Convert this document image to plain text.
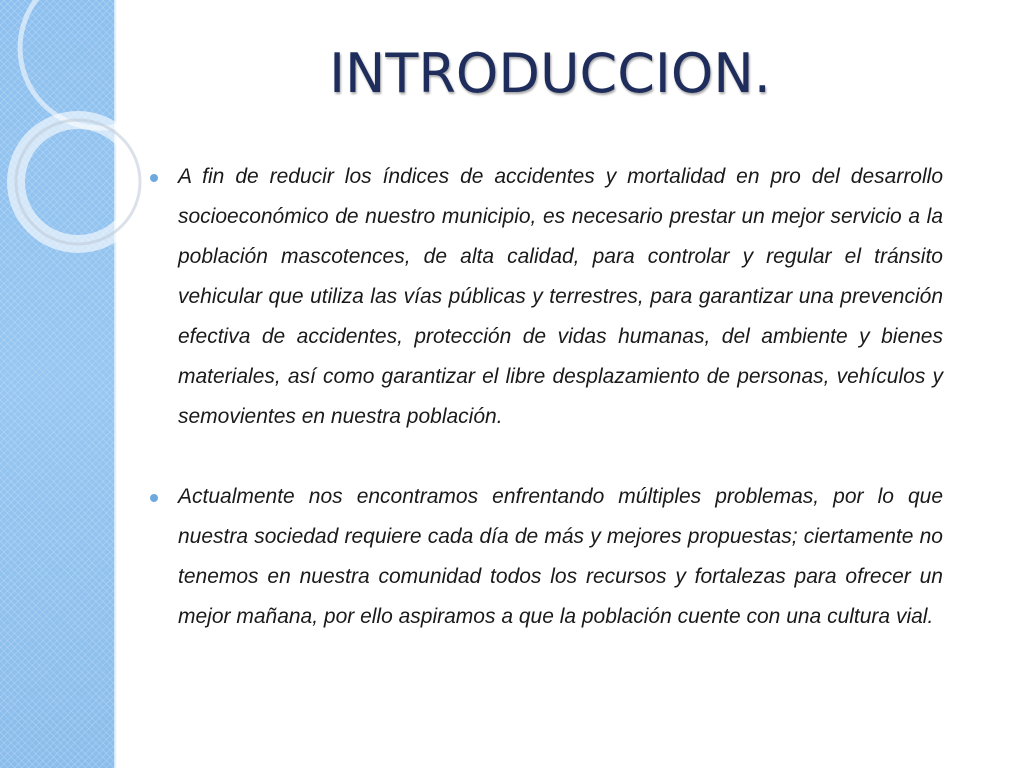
INTRODUCCION.

A fin de reducir los índices de accidentes y mortalidad en pro del desarrollo socioeconómico de nuestro municipio, es necesario prestar un mejor servicio a la población mascotences, de alta calidad, para controlar y regular el tránsito vehicular que utiliza las vías públicas y terrestres, para garantizar una prevención efectiva de accidentes, protección de vidas humanas, del ambiente y bienes materiales, así como garantizar el libre desplazamiento de personas, vehículos y semovientes en nuestra población.

Actualmente nos encontramos enfrentando múltiples problemas, por lo que nuestra sociedad requiere cada día de más y mejores propuestas; ciertamente no tenemos en nuestra comunidad todos los recursos y fortalezas para ofrecer un mejor mañana, por ello aspiramos a que la población cuente con una cultura vial.
